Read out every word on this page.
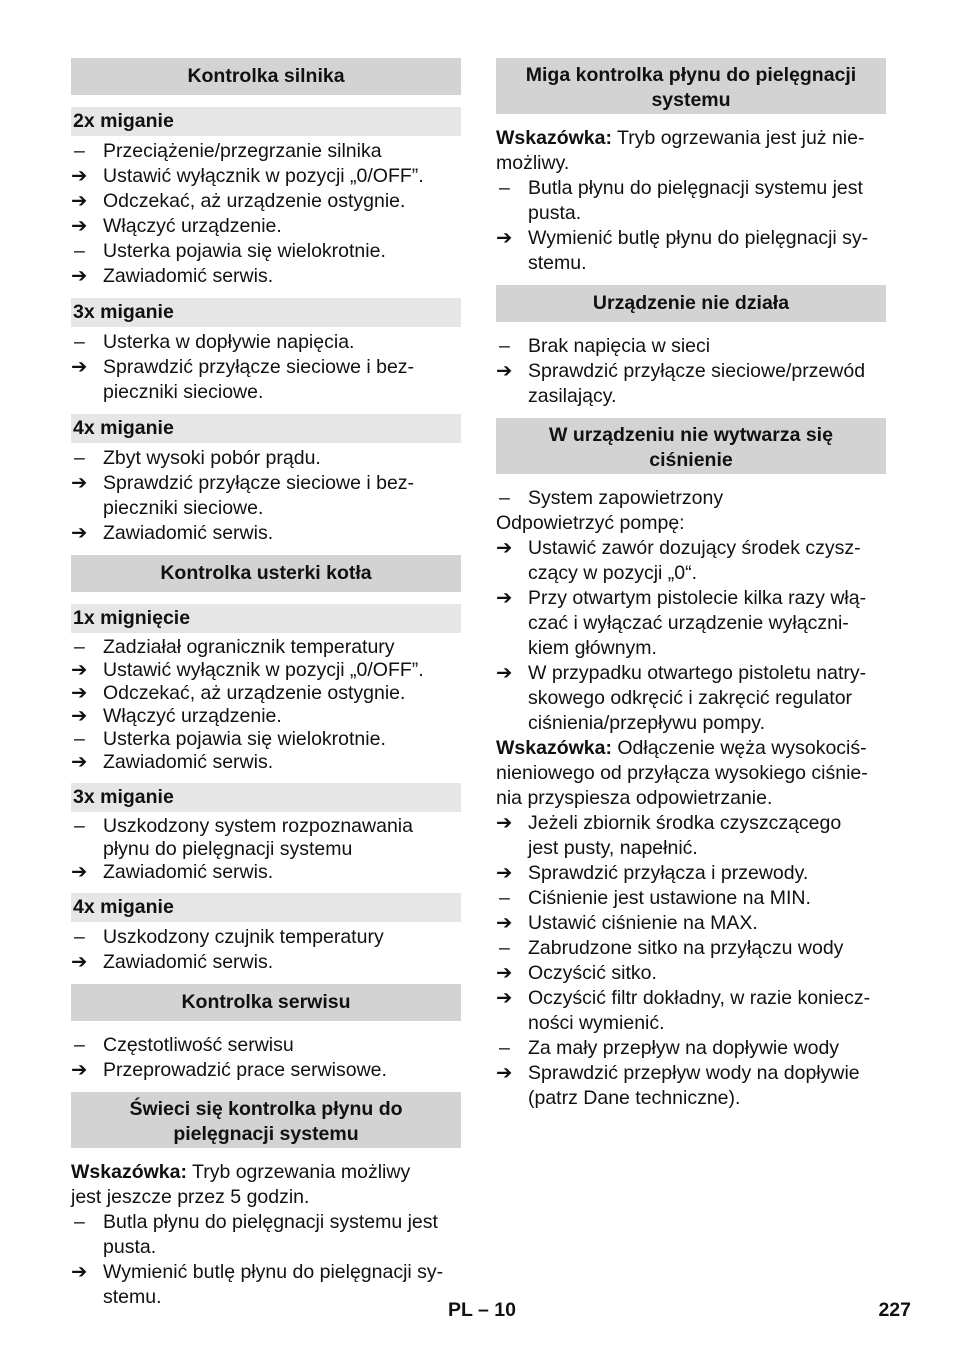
Kontrolka silnika
2x miganie
– Przeciążenie/przegrzanie silnika
➔ Ustawić wyłącznik w pozycji „0/OFF”.
➔ Odczekać, aż urządzenie ostygnie.
➔ Włączyć urządzenie.
– Usterka pojawia się wielokrotnie.
➔ Zawiadomić serwis.
3x miganie
– Usterka w dopływie napięcia.
➔ Sprawdzić przyłącze sieciowe i bez-
pieczniki sieciowe.
4x miganie
– Zbyt wysoki pobór prądu.
➔ Sprawdzić przyłącze sieciowe i bez-
pieczniki sieciowe.
➔ Zawiadomić serwis.
Kontrolka usterki kotła
1x mignięcie
– Zadziałał ogranicznik temperatury
➔ Ustawić wyłącznik w pozycji „0/OFF”.
➔ Odczekać, aż urządzenie ostygnie.
➔ Włączyć urządzenie.
– Usterka pojawia się wielokrotnie.
➔ Zawiadomić serwis.
3x miganie
– Uszkodzony system rozpoznawania
płynu do pielęgnacji systemu
➔ Zawiadomić serwis.
4x miganie
– Uszkodzony czujnik temperatury
➔ Zawiadomić serwis.
Kontrolka serwisu
– Częstotliwość serwisu
➔ Przeprowadzić prace serwisowe.
Świeci się kontrolka płynu do
pielęgnacji systemu
Wskazówka: Tryb ogrzewania możliwy
jest jeszcze przez 5 godzin.
– Butla płynu do pielęgnacji systemu jest
pusta.
➔ Wymienić butlę płynu do pielęgnacji sy-
stemu.
Miga kontrolka płynu do pielęgnacji
systemu
Wskazówka: Tryb ogrzewania jest już nie-
możliwy.
– Butla płynu do pielęgnacji systemu jest
pusta.
➔ Wymienić butlę płynu do pielęgnacji sy-
stemu.
Urządzenie nie działa
– Brak napięcia w sieci
➔ Sprawdzić przyłącze sieciowe/przewód
zasilający.
W urządzeniu nie wytwarza się
ciśnienie
– System zapowietrzony
Odpowietrzyć pompę:
➔ Ustawić zawór dozujący środek czysz-
czący w pozycji „0“.
➔ Przy otwartym pistolecie kilka razy włą-
czać i wyłączać urządzenie wyłączni-
kiem głównym.
➔ W przypadku otwartego pistoletu natry-
skowego odkręcić i zakręcić regulator
ciśnienia/przepływu pompy.
Wskazówka: Odłączenie węża wysokociś-
nieniowego od przyłącza wysokiego ciśnie-
nia przyspiesza odpowietrzanie.
➔ Jeżeli zbiornik środka czyszczącego
jest pusty, napełnić.
➔ Sprawdzić przyłącza i przewody.
– Ciśnienie jest ustawione na MIN.
➔ Ustawić ciśnienie na MAX.
– Zabrudzone sitko na przyłączu wody
➔ Oczyścić sitko.
➔ Oczyścić filtr dokładny, w razie koniecz-
ności wymienić.
– Za mały przepływ na dopływie wody
➔ Sprawdzić przepływ wody na dopływie
(patrz Dane techniczne).
PL – 10	227
